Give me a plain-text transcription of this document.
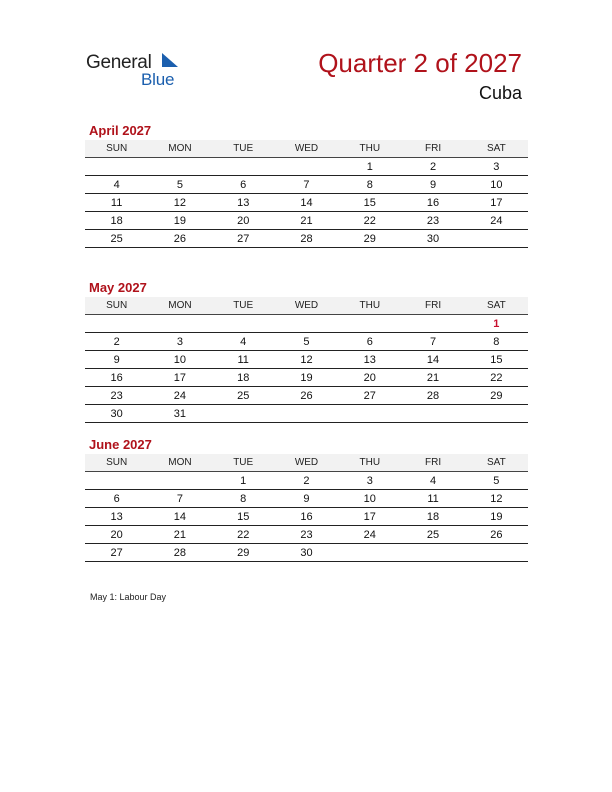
General
Blue
Quarter 2 of 2027
Cuba
April 2027
SUN	MON	TUE	WED	THU	FRI	SAT
				1	2	3
4	5	6	7	8	9	10
11	12	13	14	15	16	17
18	19	20	21	22	23	24
25	26	27	28	29	30	
May 2027
SUN	MON	TUE	WED	THU	FRI	SAT
						1
2	3	4	5	6	7	8
9	10	11	12	13	14	15
16	17	18	19	20	21	22
23	24	25	26	27	28	29
30	31					
June 2027
SUN	MON	TUE	WED	THU	FRI	SAT
		1	2	3	4	5
6	7	8	9	10	11	12
13	14	15	16	17	18	19
20	21	22	23	24	25	26
27	28	29	30			
May 1: Labour Day
